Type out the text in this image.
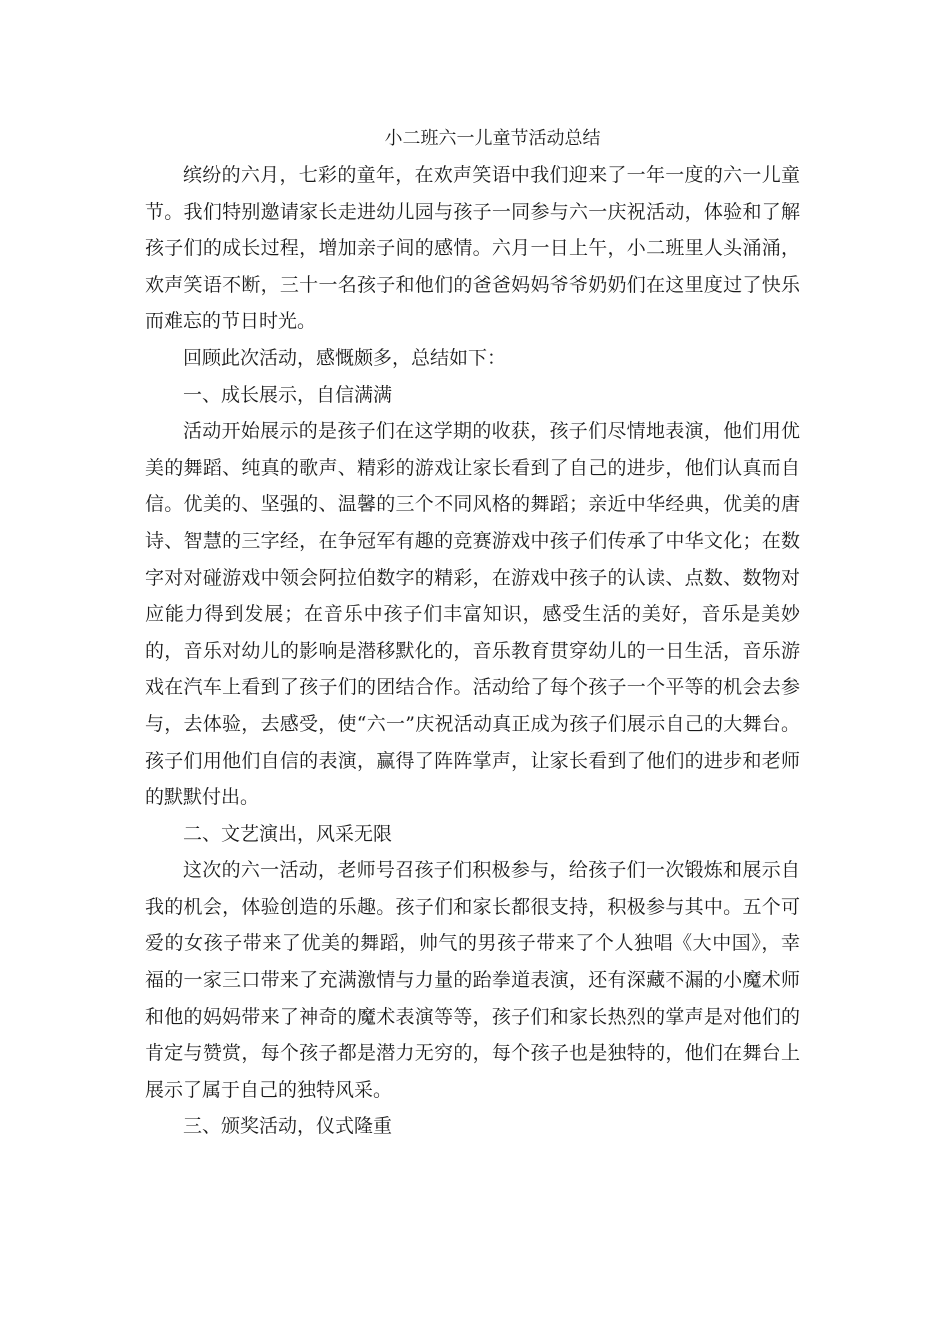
小二班六一儿童节活动总结

缤纷的六月，七彩的童年，在欢声笑语中我们迎来了一年一度的六一儿童节。我们特别邀请家长走进幼儿园与孩子一同参与六一庆祝活动，体验和了解孩子们的成长过程，增加亲子间的感情。六月一日上午，小二班里人头涌涌，欢声笑语不断，三十一名孩子和他们的爸爸妈妈爷爷奶奶们在这里度过了快乐而难忘的节日时光。

回顾此次活动，感慨颇多，总结如下：

一、成长展示，自信满满

活动开始展示的是孩子们在这学期的收获，孩子们尽情地表演，他们用优美的舞蹈、纯真的歌声、精彩的游戏让家长看到了自己的进步，他们认真而自信。优美的、坚强的、温馨的三个不同风格的舞蹈；亲近中华经典，优美的唐诗、智慧的三字经，在争冠军有趣的竞赛游戏中孩子们传承了中华文化；在数字对对碰游戏中领会阿拉伯数字的精彩，在游戏中孩子的认读、点数、数物对应能力得到发展；在音乐中孩子们丰富知识，感受生活的美好，音乐是美妙的，音乐对幼儿的影响是潜移默化的，音乐教育贯穿幼儿的一日生活，音乐游戏在汽车上看到了孩子们的团结合作。活动给了每个孩子一个平等的机会去参与，去体验，去感受，使“六一”庆祝活动真正成为孩子们展示自己的大舞台。孩子们用他们自信的表演，赢得了阵阵掌声，让家长看到了他们的进步和老师的默默付出。

二、文艺演出，风采无限

这次的六一活动，老师号召孩子们积极参与，给孩子们一次锻炼和展示自我的机会，体验创造的乐趣。孩子们和家长都很支持，积极参与其中。五个可爱的女孩子带来了优美的舞蹈，帅气的男孩子带来了个人独唱《大中国》，幸福的一家三口带来了充满激情与力量的跆拳道表演，还有深藏不漏的小魔术师和他的妈妈带来了神奇的魔术表演等等，孩子们和家长热烈的掌声是对他们的肯定与赞赏，每个孩子都是潜力无穷的，每个孩子也是独特的，他们在舞台上展示了属于自己的独特风采。

三、颁奖活动，仪式隆重
